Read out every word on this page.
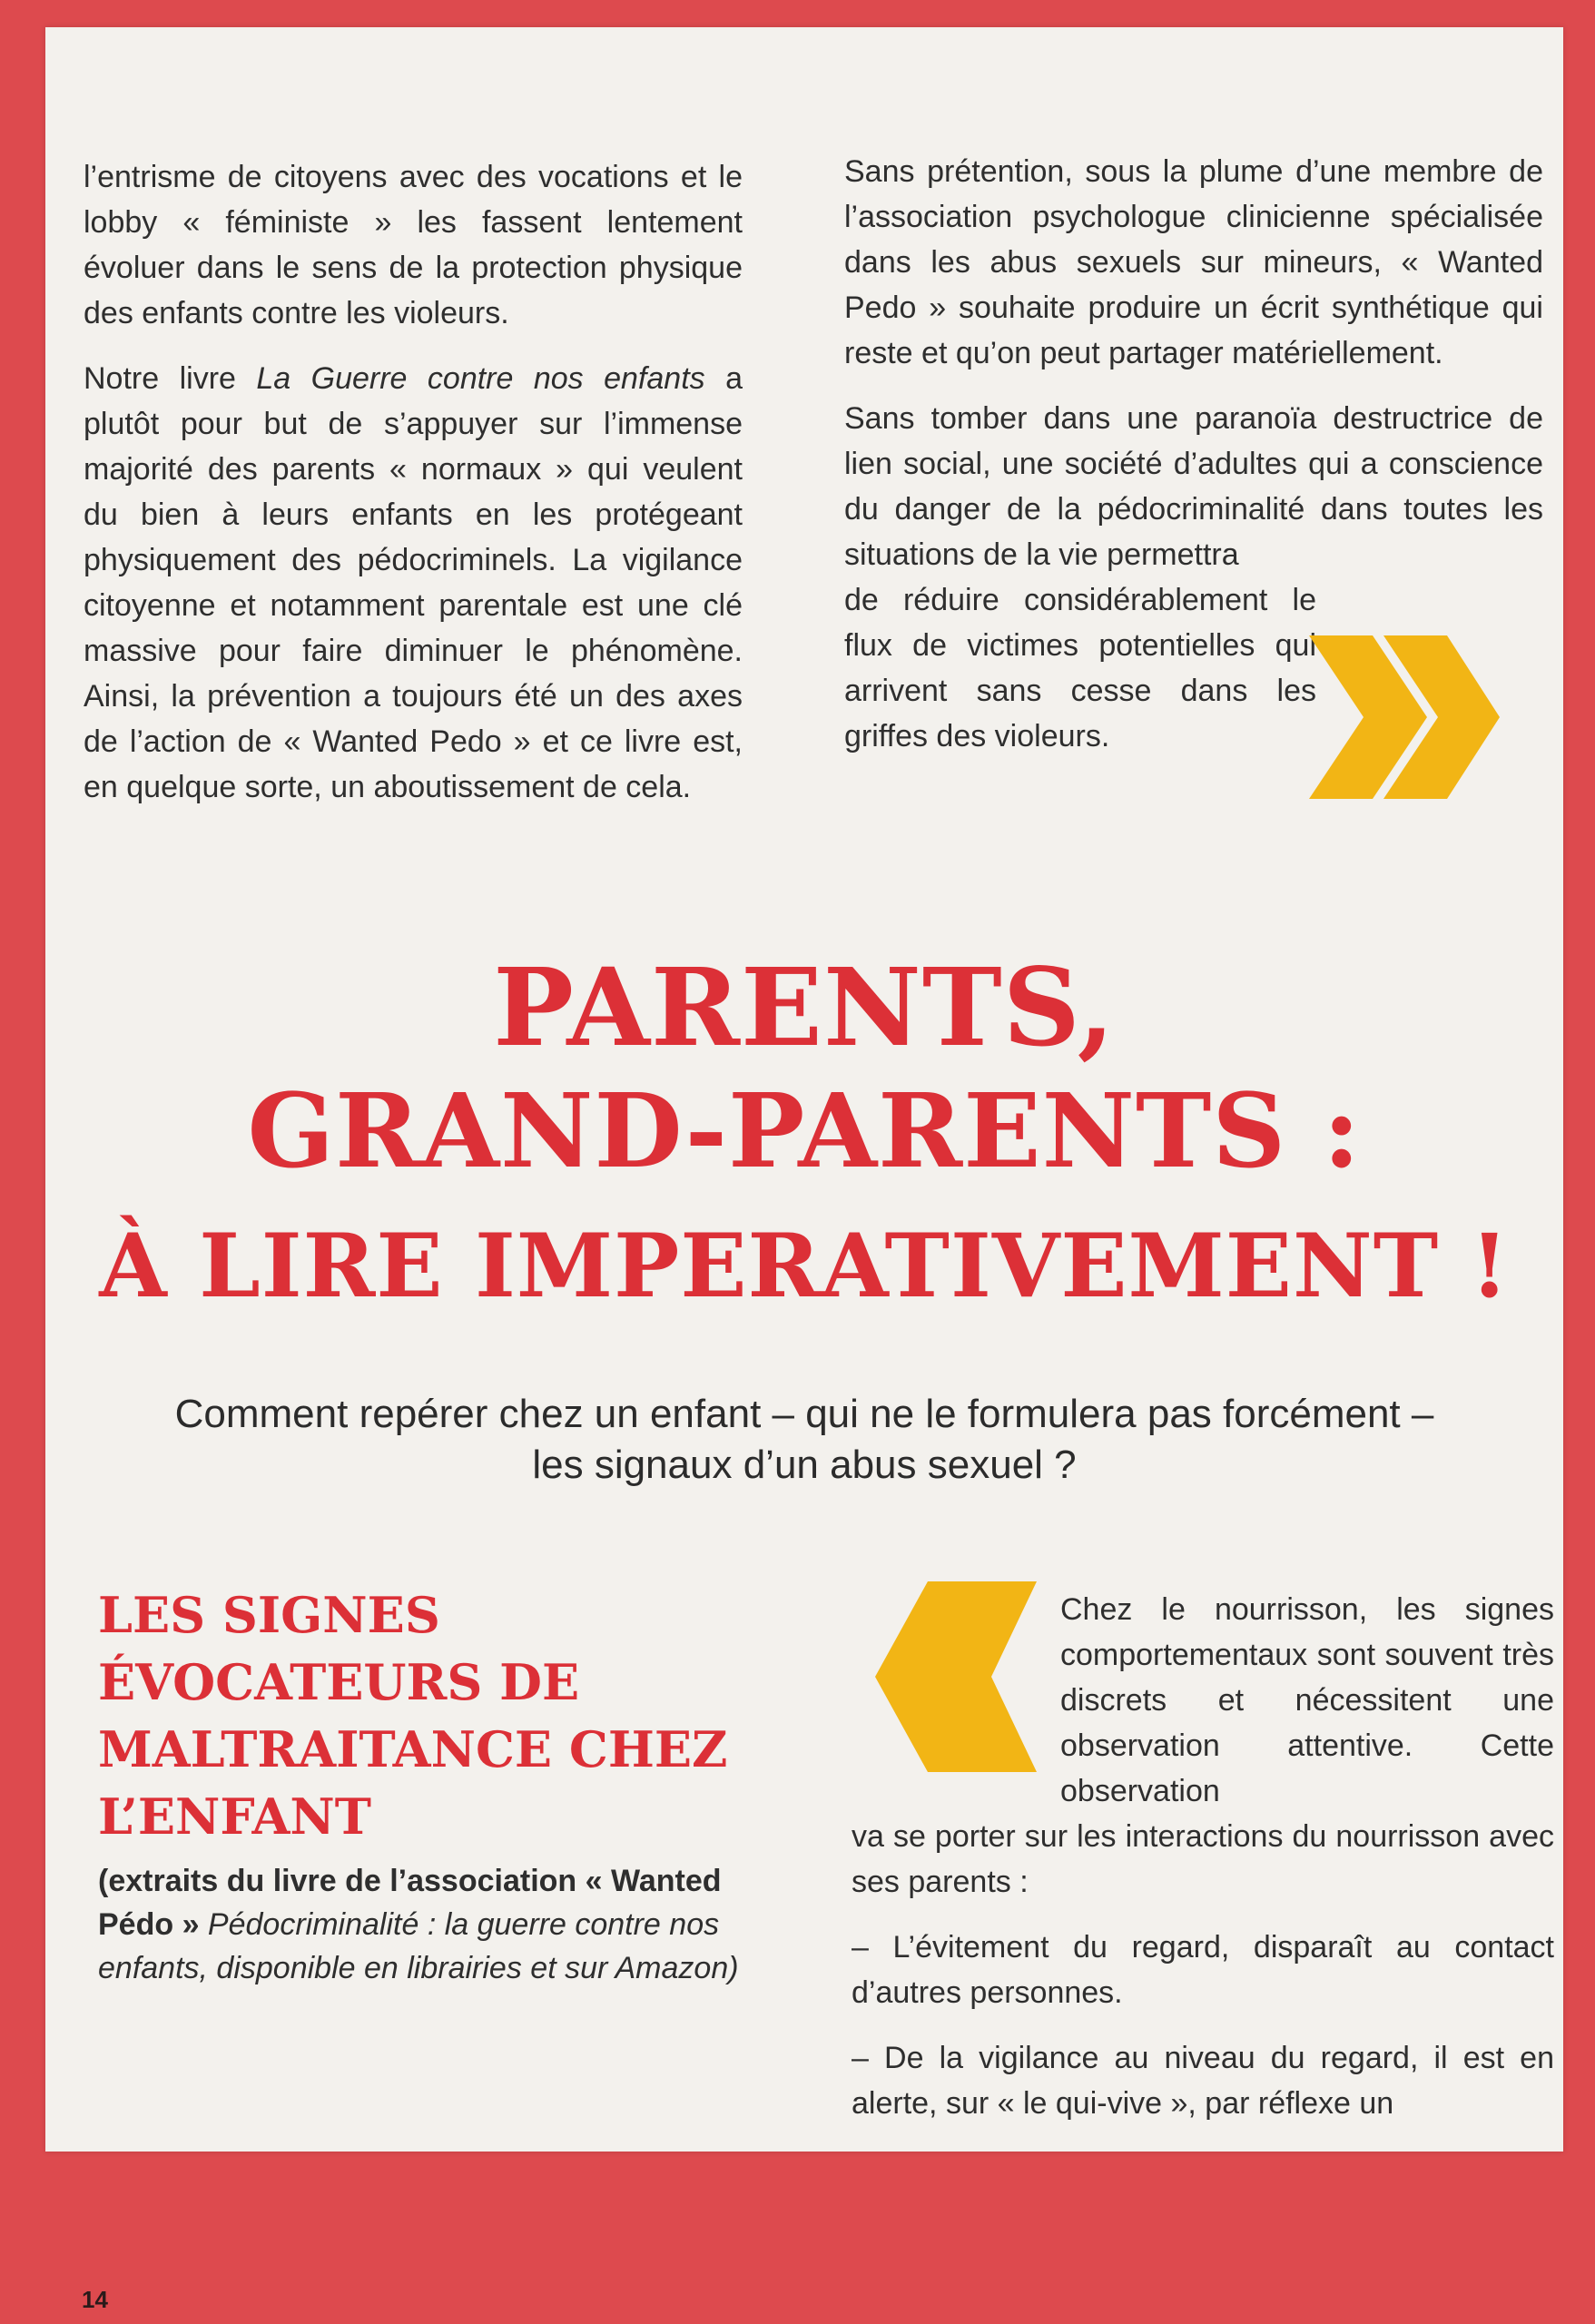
l’entrisme de citoyens avec des vocations et le lobby « féministe » les fassent lentement évoluer dans le sens de la protection physique des enfants contre les violeurs.

Notre livre La Guerre contre nos enfants a plutôt pour but de s’appuyer sur l’immense majorité des parents « normaux » qui veulent du bien à leurs enfants en les protégeant physiquement des pédocriminels. La vigilance citoyenne et notamment parentale est une clé massive pour faire diminuer le phénomène. Ainsi, la prévention a toujours été un des axes de l’action de « Wanted Pedo » et ce livre est, en quelque sorte, un aboutissement de cela.

Sans prétention, sous la plume d’une membre de l’association psychologue clinicienne spécialisée dans les abus sexuels sur mineurs, « Wanted Pedo » souhaite produire un écrit synthétique qui reste et qu’on peut partager matériellement.

Sans tomber dans une paranoïa destructrice de lien social, une société d’adultes qui a conscience du danger de la pédocriminalité dans toutes les situations de la vie permettra

de réduire considérablement le flux de victimes potentielles qui arrivent sans cesse dans les griffes des violeurs.

PARENTS,
GRAND-PARENTS :
À LIRE IMPERATIVEMENT !
Comment repérer chez un enfant – qui ne le formulera pas forcément –
les signaux d’un abus sexuel ?
LES SIGNES
ÉVOCATEURS DE
MALTRAITANCE CHEZ
L’ENFANT
(extraits du livre de l’association « Wanted Pédo » Pédocriminalité : la guerre contre nos enfants, disponible en librairies et sur Amazon)

Chez le nourrisson, les signes comportementaux sont souvent très discrets et nécessitent une observation attentive. Cette observation

va se porter sur les interactions du nourrisson avec ses parents :

– L’évitement du regard, disparaît au contact d’autres personnes.

– De la vigilance au niveau du regard, il est en alerte, sur « le qui-vive », par réflexe un

14
